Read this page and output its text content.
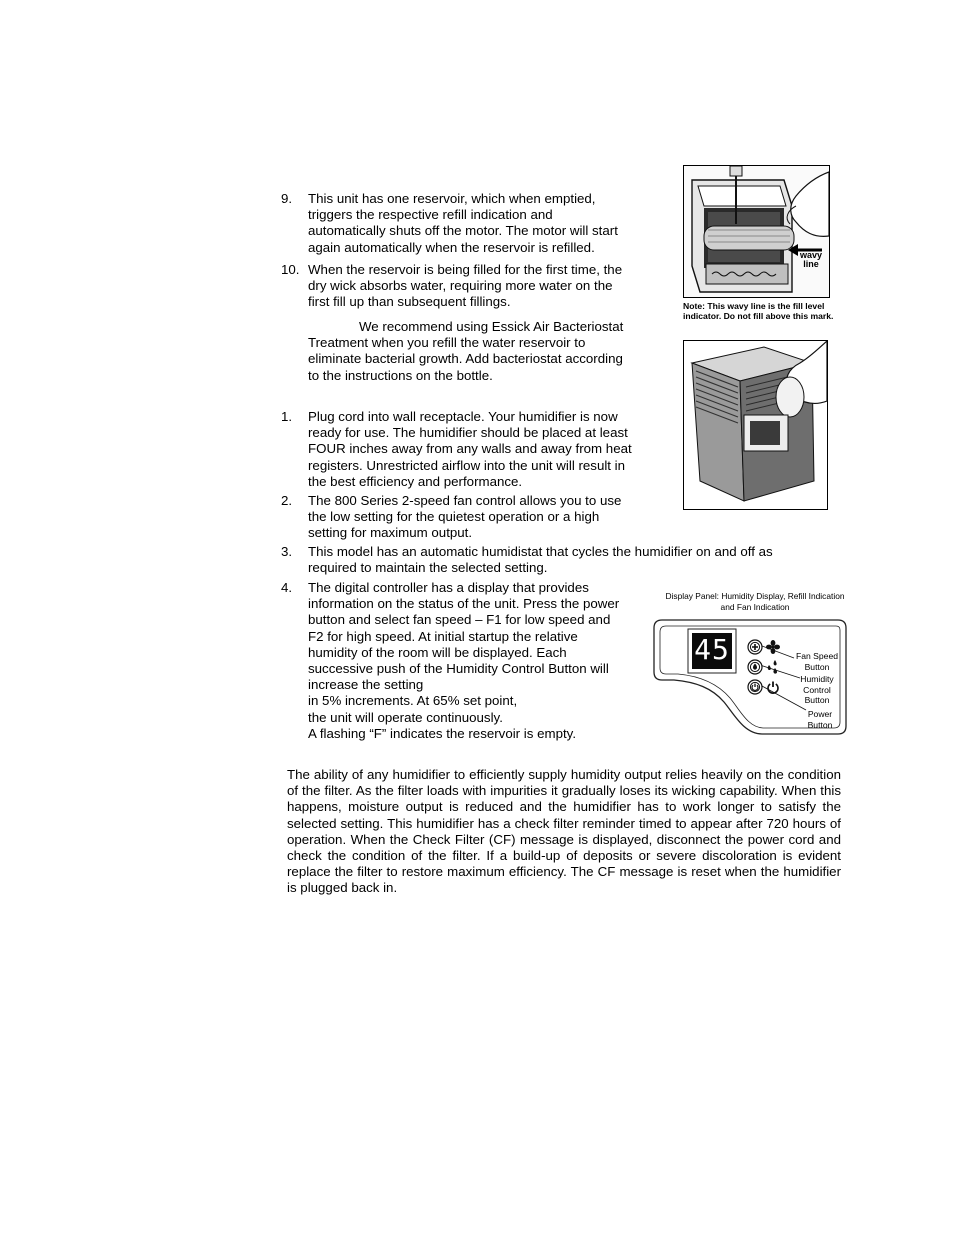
9. This unit has one reservoir, which when emptied,
triggers the respective refill indication and
automatically shuts off the motor. The motor will start
again automatically when the reservoir is refilled.
10. When the reservoir is being filled for the first time, the
dry wick absorbs water, requiring more water on the
first fill up than subsequent fillings.
We recommend using Essick Air Bacteriostat
Treatment when you refill the water reservoir to
eliminate bacterial growth. Add bacteriostat according
to the instructions on the bottle.
1. Plug cord into wall receptacle. Your humidifier is now
ready for use. The humidifier should be placed at least
FOUR inches away from any walls and away from heat
registers. Unrestricted airflow into the unit will result in
the best efficiency and performance.
2. The 800 Series 2-speed fan control allows you to use
the low setting for the quietest operation or a high
setting for maximum output.
3. This model has an automatic humidistat that cycles the humidifier on and off as
required to maintain the selected setting.
4. The digital controller has a display that provides
information on the status of the unit. Press the power
button and select fan speed – F1 for low speed and
F2 for high speed. At initial startup the relative
humidity of the room will be displayed. Each
successive push of the Humidity Control Button will
increase the setting
in 5% increments. At 65% set point,
the unit will operate continuously.
A flashing “F” indicates the reservoir is empty.
The ability of any humidifier to efficiently supply humidity output relies heavily on the condition of the filter. As the filter loads with impurities it gradually loses its wicking capability. When this happens, moisture output is reduced and the humidifier has to work longer to satisfy the selected setting. This humidifier has a check filter reminder timed to appear after 720 hours of operation. When the Check Filter (CF) message is displayed, disconnect the power cord and check the condition of the filter. If a build-up of deposits or severe discoloration is evident replace the filter to restore maximum efficiency. The CF message is reset when the humidifier is plugged back in.
wavy
line
Note: This wavy line is the fill level
indicator. Do not fill above this mark.
Display Panel: Humidity Display, Refill Indication
and Fan Indication
45	Fan Speed
Button
Humidity
Control
Button
Power
Button
